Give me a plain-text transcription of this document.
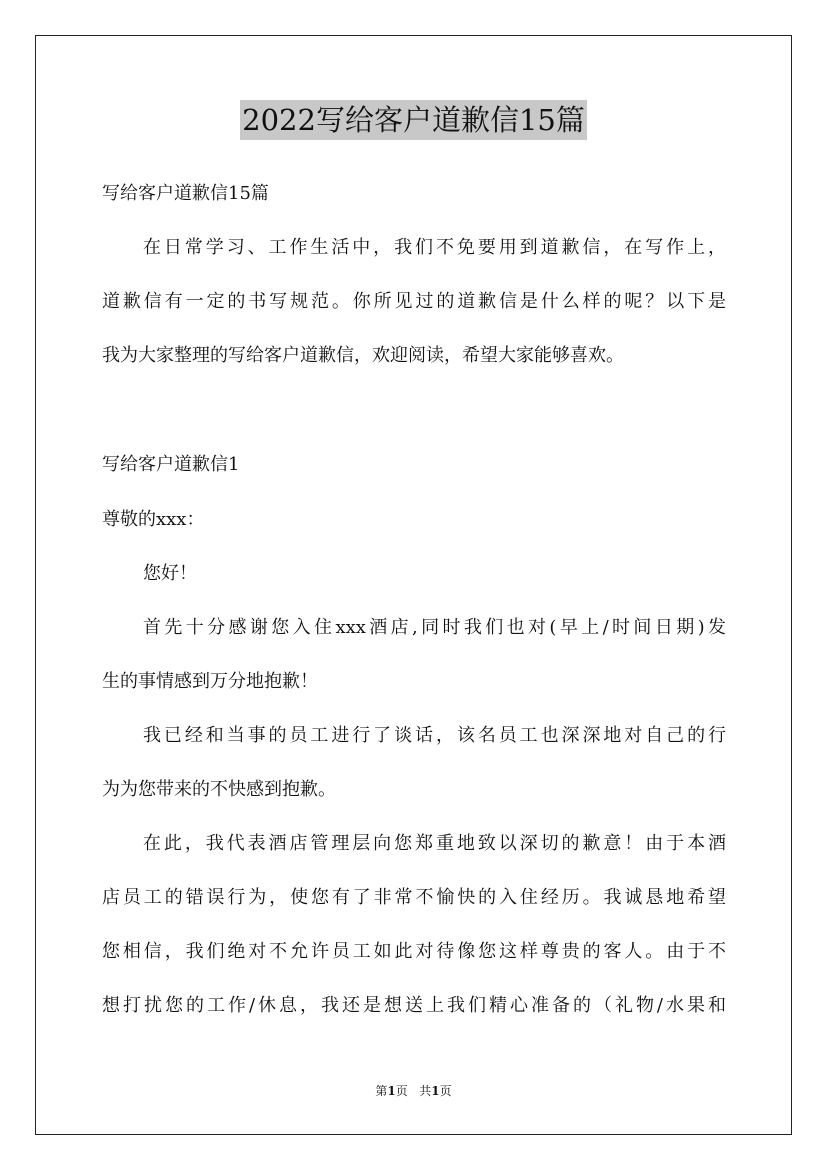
2022写给客户道歉信15篇
写给客户道歉信15篇
在日常学习、工作生活中，我们不免要用到道歉信，在写作上，
道歉信有一定的书写规范。你所见过的道歉信是什么样的呢？以下是
我为大家整理的写给客户道歉信，欢迎阅读，希望大家能够喜欢。
写给客户道歉信1
尊敬的xxx：
您好！
首先十分感谢您入住xxx酒店,同时我们也对(早上/时间日期)发
生的事情感到万分地抱歉！
我已经和当事的员工进行了谈话，该名员工也深深地对自己的行
为为您带来的不快感到抱歉。
在此，我代表酒店管理层向您郑重地致以深切的歉意！由于本酒
店员工的错误行为，使您有了非常不愉快的入住经历。我诚恳地希望
您相信，我们绝对不允许员工如此对待像您这样尊贵的客人。由于不
想打扰您的工作/休息，我还是想送上我们精心准备的（礼物/水果和
第1页 共1页
